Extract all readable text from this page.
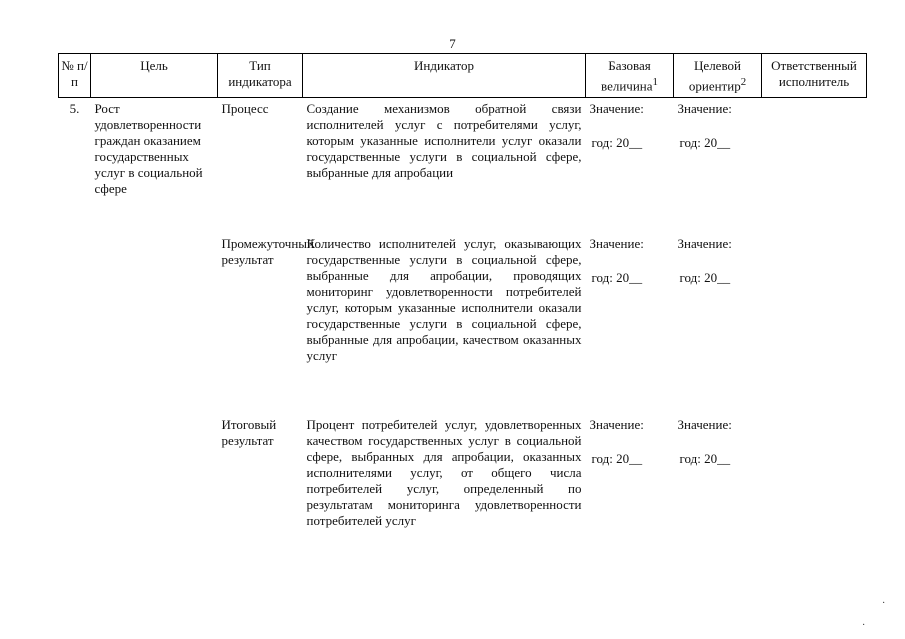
7
№ п/п	Цель	Тип индикатора	Индикатор	Базовая величина$^1$	Целевой ориентир$^2$	Ответственный исполнитель
5.	Рост удовлетворенности граждан оказанием государственных услуг в социальной сфере	Процесс	Создание механизмов обратной связи исполнителей услуг с потребителями услуг, которым указанные исполнители услуг оказали государственные услуги в социальной сфере, выбранные для апробации	Значение:
год: 20__	Значение:
год: 20__	

		Промежуточный результат	Количество исполнителей услуг, оказывающих государственные услуги в социальной сфере, выбранные для апробации, проводящих мониторинг удовлетворенности потребителей услуг, которым указанные исполнители оказали государственные услуги в социальной сфере, выбранные для апробации, качеством оказанных услуг	Значение:
год: 20__	Значение:
год: 20__	

		Итоговый результат	Процент потребителей услуг, удовлетворенных качеством государственных услуг в социальной сфере, выбранных для апробации, оказанных исполнителями услуг, от общего числа потребителей услуг, определенный по результатам мониторинга удовлетворенности потребителей услуг	Значение:
год: 20__	Значение:
год: 20__	

·
·
